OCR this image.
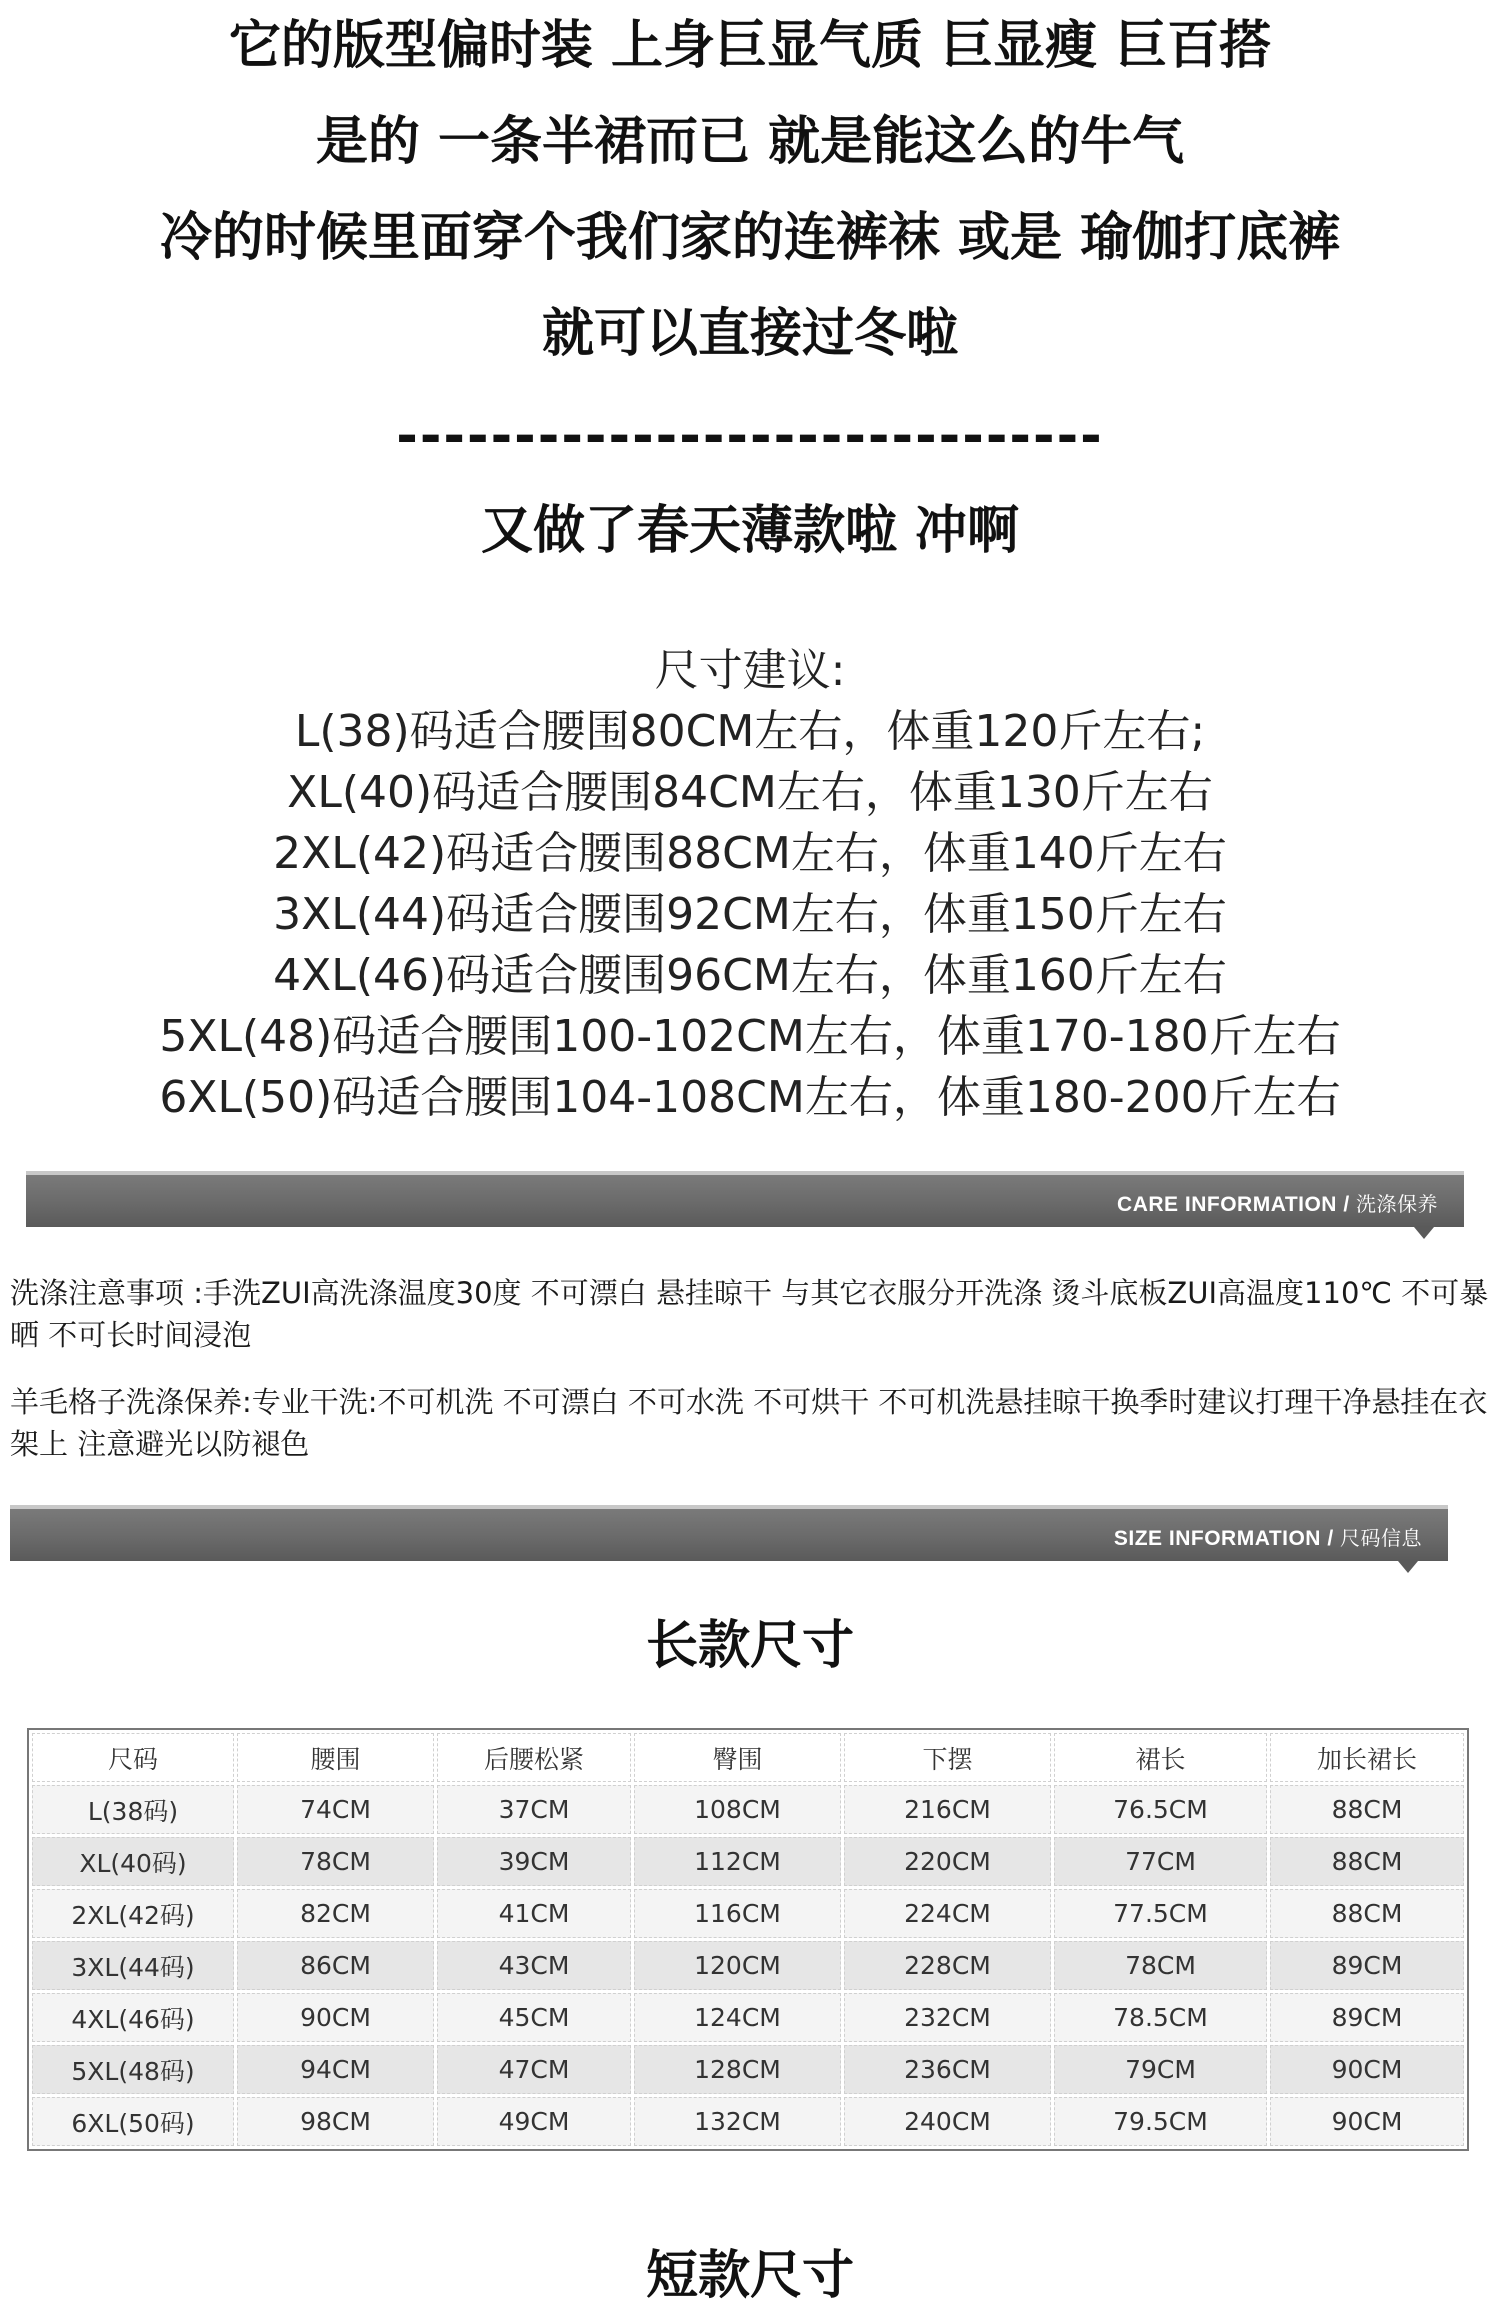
它的版型偏时装 上身巨显气质 巨显瘦 巨百搭
是的 一条半裙而已 就是能这么的牛气
冷的时候里面穿个我们家的连裤袜 或是 瑜伽打底裤
就可以直接过冬啦
------------------------------
又做了春天薄款啦 冲啊
尺寸建议:
L(38)码适合腰围80CM左右，体重120斤左右;
XL(40)码适合腰围84CM左右，体重130斤左右
2XL(42)码适合腰围88CM左右，体重140斤左右
3XL(44)码适合腰围92CM左右，体重150斤左右
4XL(46)码适合腰围96CM左右，体重160斤左右
5XL(48)码适合腰围100-102CM左右，体重170-180斤左右
6XL(50)码适合腰围104-108CM左右，体重180-200斤左右
CARE INFORMATION / 洗涤保养
洗涤注意事项 :手洗ZUI高洗涤温度30度 不可漂白 悬挂晾干 与其它衣服分开洗涤 烫斗底板ZUI高温度110℃ 不可暴晒 不可长时间浸泡
羊毛格子洗涤保养:专业干洗:不可机洗 不可漂白 不可水洗 不可烘干 不可机洗悬挂晾干换季时建议打理干净悬挂在衣架上 注意避光以防褪色
SIZE INFORMATION / 尺码信息
长款尺寸
尺码	腰围	后腰松紧	臀围	下摆	裙长	加长裙长
L(38码)	74CM	37CM	108CM	216CM	76.5CM	88CM
XL(40码)	78CM	39CM	112CM	220CM	77CM	88CM
2XL(42码)	82CM	41CM	116CM	224CM	77.5CM	88CM
3XL(44码)	86CM	43CM	120CM	228CM	78CM	89CM
4XL(46码)	90CM	45CM	124CM	232CM	78.5CM	89CM
5XL(48码)	94CM	47CM	128CM	236CM	79CM	90CM
6XL(50码)	98CM	49CM	132CM	240CM	79.5CM	90CM
短款尺寸
